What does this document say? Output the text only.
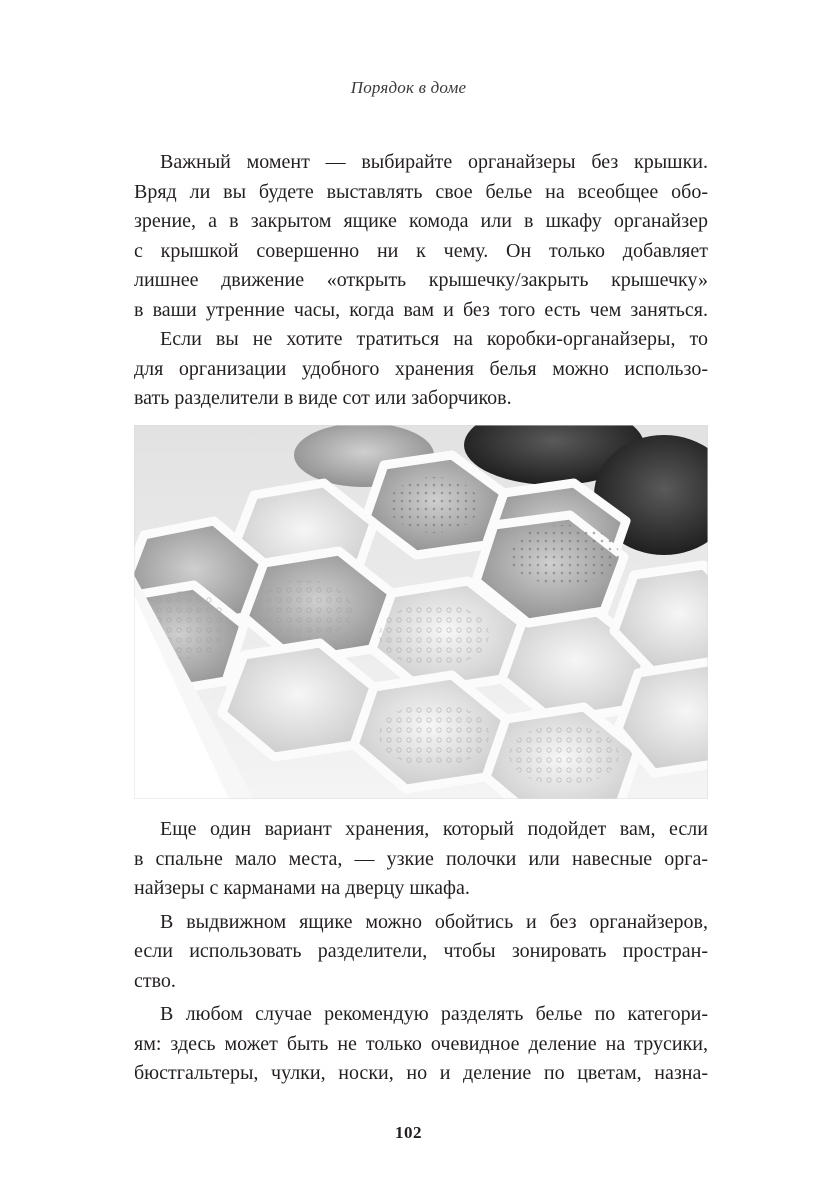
Порядок в доме
Важный момент — выбирайте органайзеры без крышки.
Вряд ли вы будете выставлять свое белье на всеобщее обо-
зрение, а в закрытом ящике комода или в шкафу органайзер
с крышкой совершенно ни к чему. Он только добавляет
лишнее движение «открыть крышечку/закрыть крышечку»
в ваши утренние часы, когда вам и без того есть чем заняться.
Если вы не хотите тратиться на коробки-органайзеры, то
для организации удобного хранения белья можно использо-
вать разделители в виде сот или заборчиков.
Еще один вариант хранения, который подойдет вам, если
в спальне мало места, — узкие полочки или навесные орга-
найзеры с карманами на дверцу шкафа.
В выдвижном ящике можно обойтись и без органайзеров,
если использовать разделители, чтобы зонировать простран-
ство.
В любом случае рекомендую разделять белье по категори-
ям: здесь может быть не только очевидное деление на трусики,
бюстгальтеры, чулки, носки, но и деление по цветам, назна-
102
